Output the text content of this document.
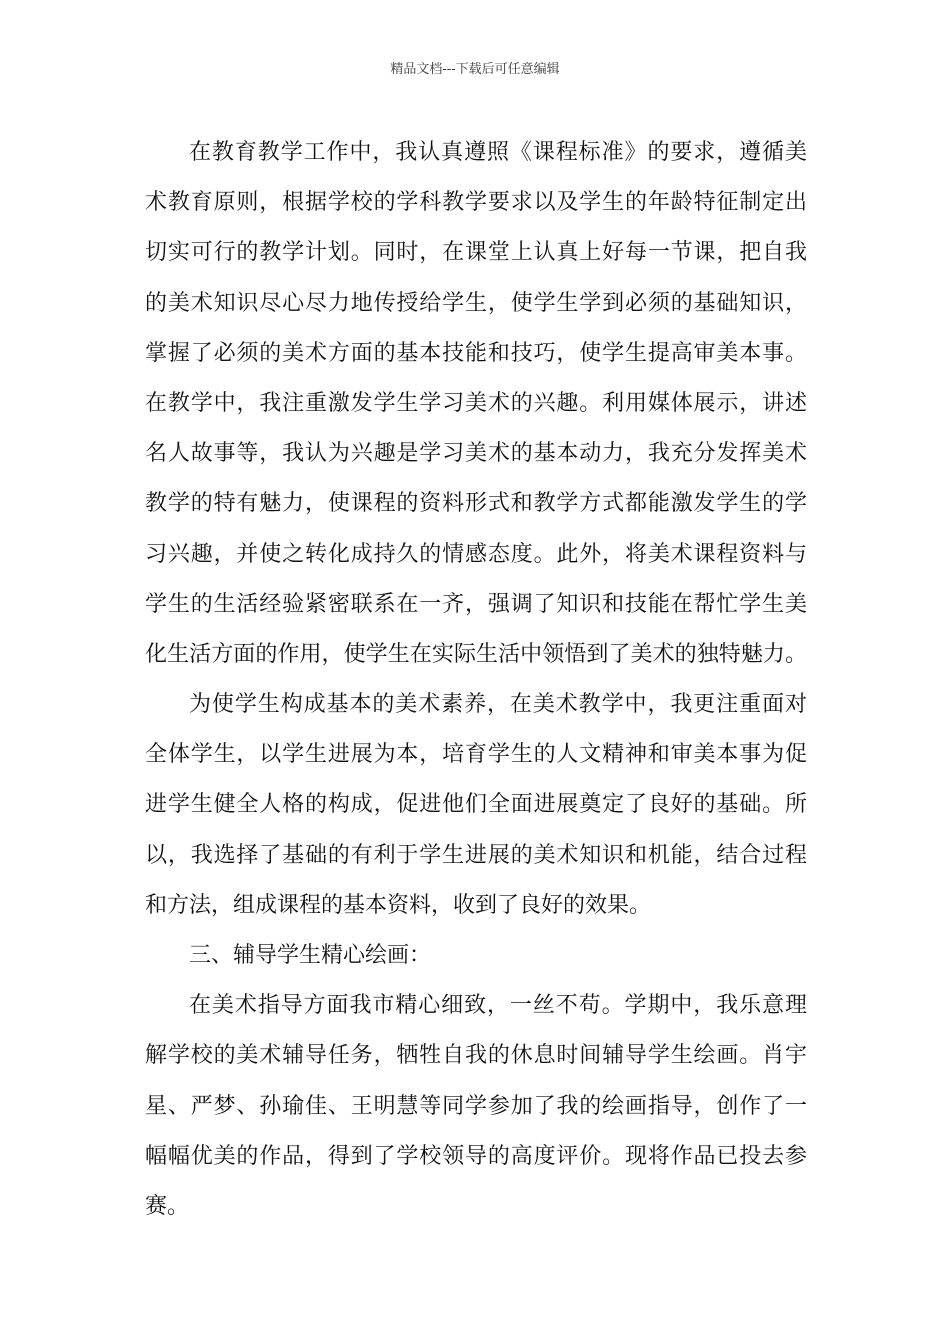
精品文档---下载后可任意编辑
在教育教学工作中，我认真遵照《课程标准》的要求，遵循美
术教育原则，根据学校的学科教学要求以及学生的年龄特征制定出
切实可行的教学计划。同时，在课堂上认真上好每一节课，把自我
的美术知识尽心尽力地传授给学生，使学生学到必须的基础知识，
掌握了必须的美术方面的基本技能和技巧，使学生提高审美本事。
在教学中，我注重激发学生学习美术的兴趣。利用媒体展示，讲述
名人故事等，我认为兴趣是学习美术的基本动力，我充分发挥美术
教学的特有魅力，使课程的资料形式和教学方式都能激发学生的学
习兴趣，并使之转化成持久的情感态度。此外，将美术课程资料与
学生的生活经验紧密联系在一齐，强调了知识和技能在帮忙学生美
化生活方面的作用，使学生在实际生活中领悟到了美术的独特魅力。
为使学生构成基本的美术素养，在美术教学中，我更注重面对
全体学生，以学生进展为本，培育学生的人文精神和审美本事为促
进学生健全人格的构成，促进他们全面进展奠定了良好的基础。所
以，我选择了基础的有利于学生进展的美术知识和机能，结合过程
和方法，组成课程的基本资料，收到了良好的效果。
三、辅导学生精心绘画：
在美术指导方面我市精心细致，一丝不苟。学期中，我乐意理
解学校的美术辅导任务，牺牲自我的休息时间辅导学生绘画。肖宇
星、严梦、孙瑜佳、王明慧等同学参加了我的绘画指导，创作了一
幅幅优美的作品，得到了学校领导的高度评价。现将作品已投去参
赛。
